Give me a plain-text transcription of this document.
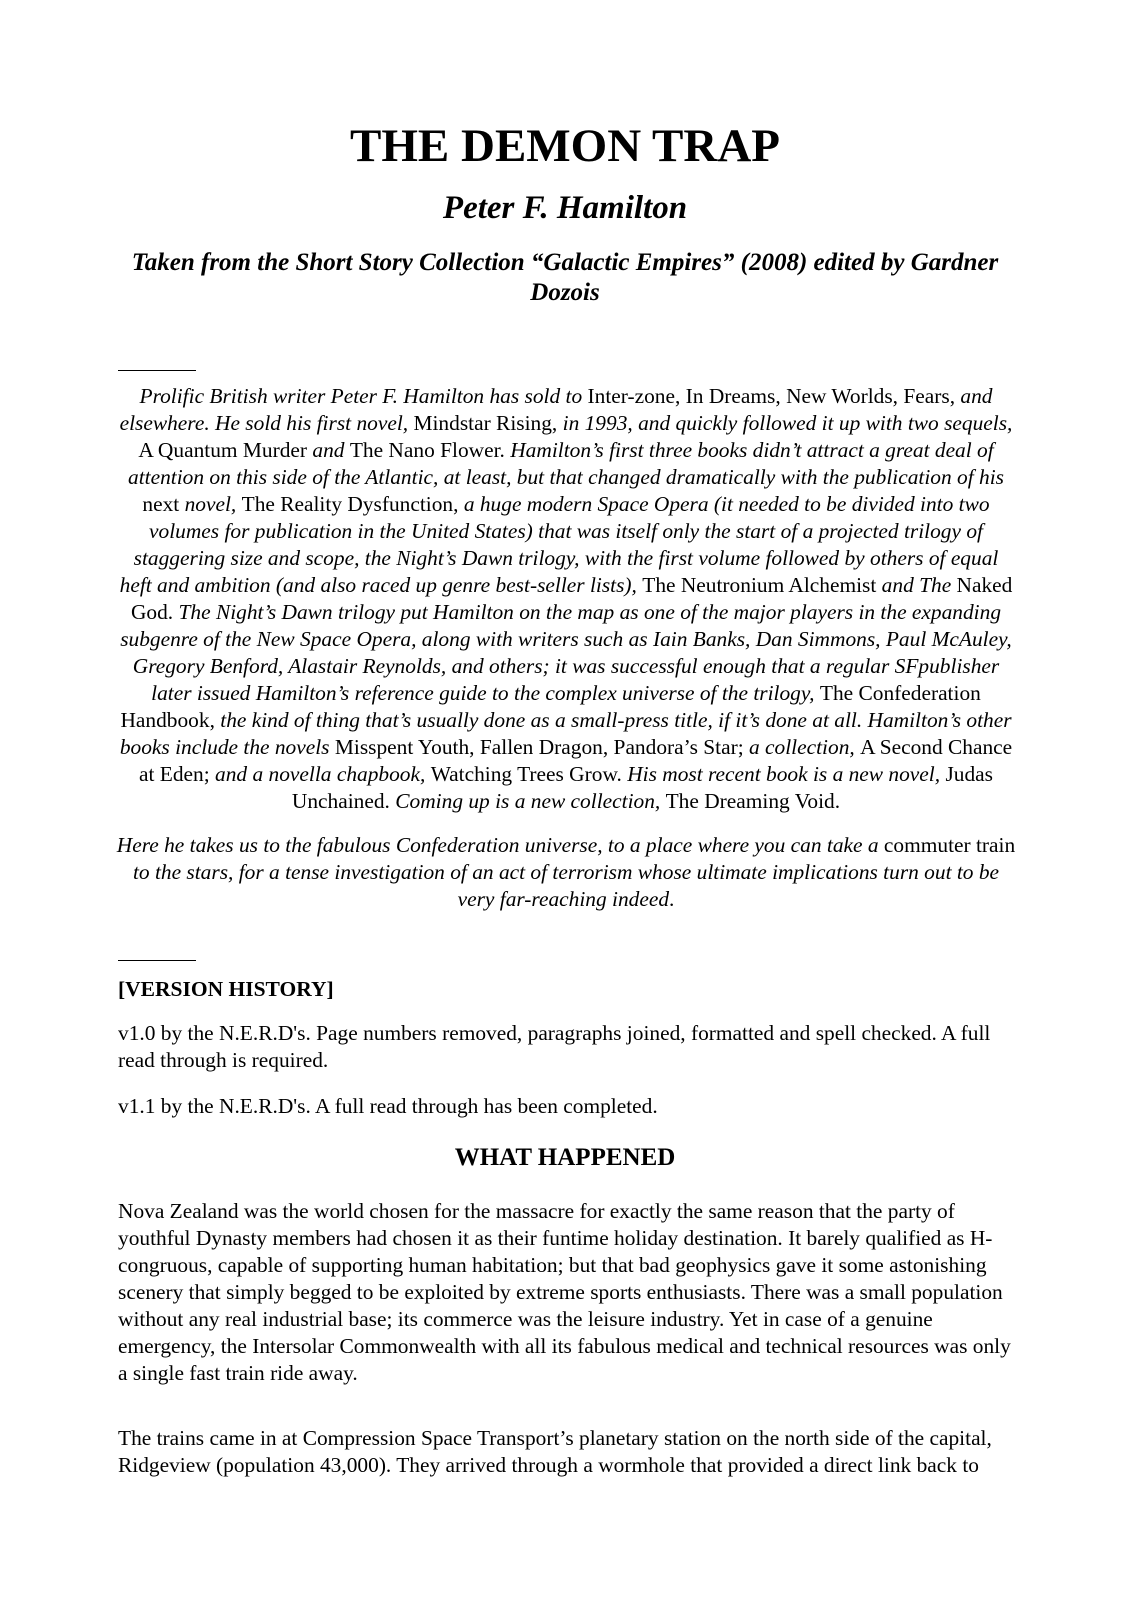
THE DEMON TRAP
Peter F. Hamilton
Taken from the Short Story Collection “Galactic Empires” (2008) edited by Gardner Dozois

Prolific British writer Peter F. Hamilton has sold to Inter-zone, In Dreams, New Worlds, Fears, and elsewhere. He sold his first novel, Mindstar Rising, in 1993, and quickly followed it up with two sequels, A Quantum Murder and The Nano Flower. Hamilton’s first three books didn’t attract a great deal of attention on this side of the Atlantic, at least, but that changed dramatically with the publication of his next novel, The Reality Dysfunction, a huge modern Space Opera (it needed to be divided into two volumes for publication in the United States) that was itself only the start of a projected trilogy of staggering size and scope, the Night’s Dawn trilogy, with the first volume followed by others of equal heft and ambition (and also raced up genre best-seller lists), The Neutronium Alchemist and The Naked God. The Night’s Dawn trilogy put Hamilton on the map as one of the major players in the expanding subgenre of the New Space Opera, along with writers such as Iain Banks, Dan Simmons, Paul McAuley, Gregory Benford, Alastair Reynolds, and others; it was successful enough that a regular SFpublisher later issued Hamilton’s reference guide to the complex universe of the trilogy, The Confederation Handbook, the kind of thing that’s usually done as a small-press title, if it’s done at all. Hamilton’s other books include the novels Misspent Youth, Fallen Dragon, Pandora’s Star; a collection, A Second Chance at Eden; and a novella chapbook, Watching Trees Grow. His most recent book is a new novel, Judas Unchained. Coming up is a new collection, The Dreaming Void.

Here he takes us to the fabulous Confederation universe, to a place where you can take a commuter train to the stars, for a tense investigation of an act of terrorism whose ultimate implications turn out to be very far-reaching indeed.

[VERSION HISTORY]
v1.0 by the N.E.R.D's. Page numbers removed, paragraphs joined, formatted and spell checked. A full read through is required.
v1.1 by the N.E.R.D's. A full read through has been completed.
WHAT HAPPENED
Nova Zealand was the world chosen for the massacre for exactly the same reason that the party of youthful Dynasty members had chosen it as their funtime holiday destination. It barely qualified as H-congruous, capable of supporting human habitation; but that bad geophysics gave it some astonishing scenery that simply begged to be exploited by extreme sports enthusiasts. There was a small population without any real industrial base; its commerce was the leisure industry. Yet in case of a genuine emergency, the Intersolar Commonwealth with all its fabulous medical and technical resources was only a single fast train ride away.
The trains came in at Compression Space Transport’s planetary station on the north side of the capital, Ridgeview (population 43,000). They arrived through a wormhole that provided a direct link back to
